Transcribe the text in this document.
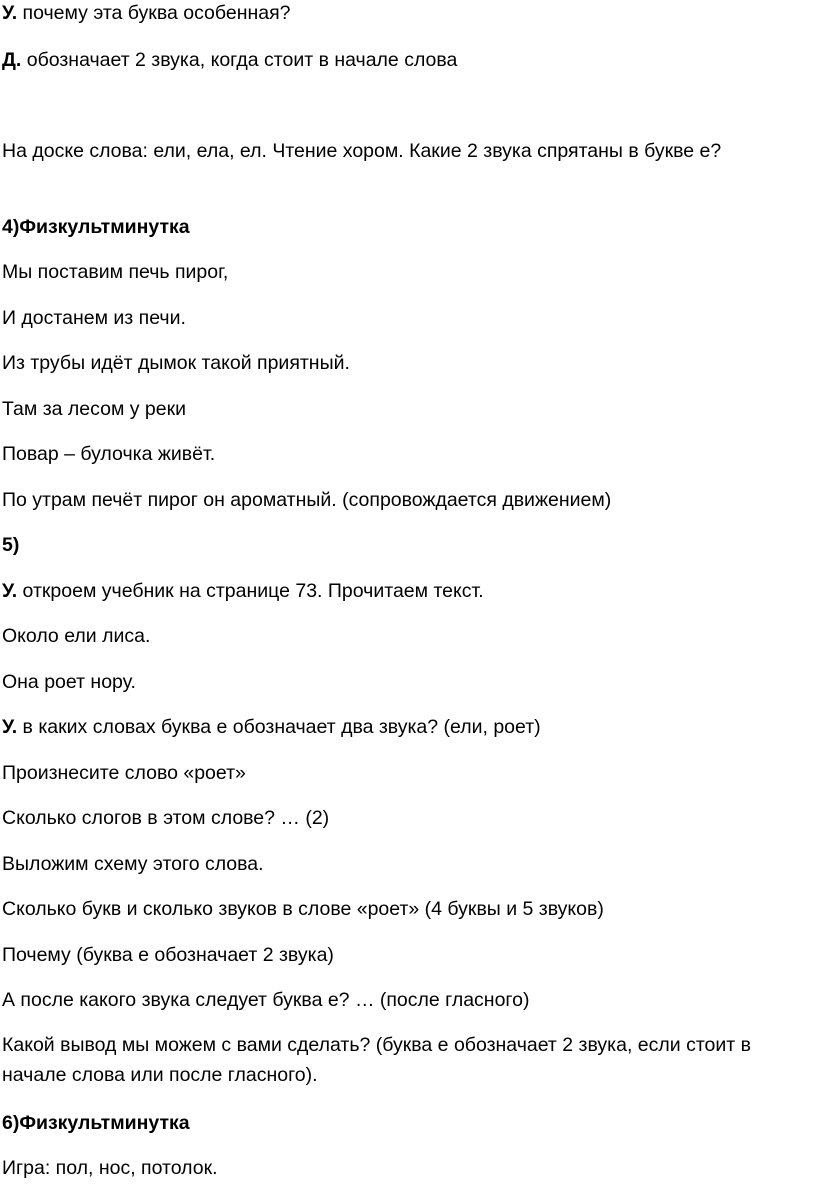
У. почему эта буква особенная?

Д. обозначает 2 звука, когда стоит в начале слова

На доске слова: ели, ела, ел. Чтение хором. Какие 2 звука спрятаны в букве е?

4)Физкультминутка

Мы поставим печь пирог,

И достанем из печи.

Из трубы идёт дымок такой приятный.

Там за лесом у реки

Повар – булочка живёт.

По утрам печёт пирог он ароматный. (сопровождается движением)

5)

У. откроем учебник на странице 73. Прочитаем текст.

Около ели лиса.

Она роет нору.

У. в каких словах буква е обозначает два звука? (ели, роет)

Произнесите слово «роет»

Сколько слогов в этом слове? … (2)

Выложим схему этого слова.

Сколько букв и сколько звуков в слове «роет» (4 буквы и 5 звуков)

Почему (буква е обозначает 2 звука)

А после какого звука следует буква е? … (после гласного)

Какой вывод мы можем с вами сделать? (буква е обозначает 2 звука, если стоит в начале слова или после гласного).

6)Физкультминутка

Игра: пол, нос, потолок.
